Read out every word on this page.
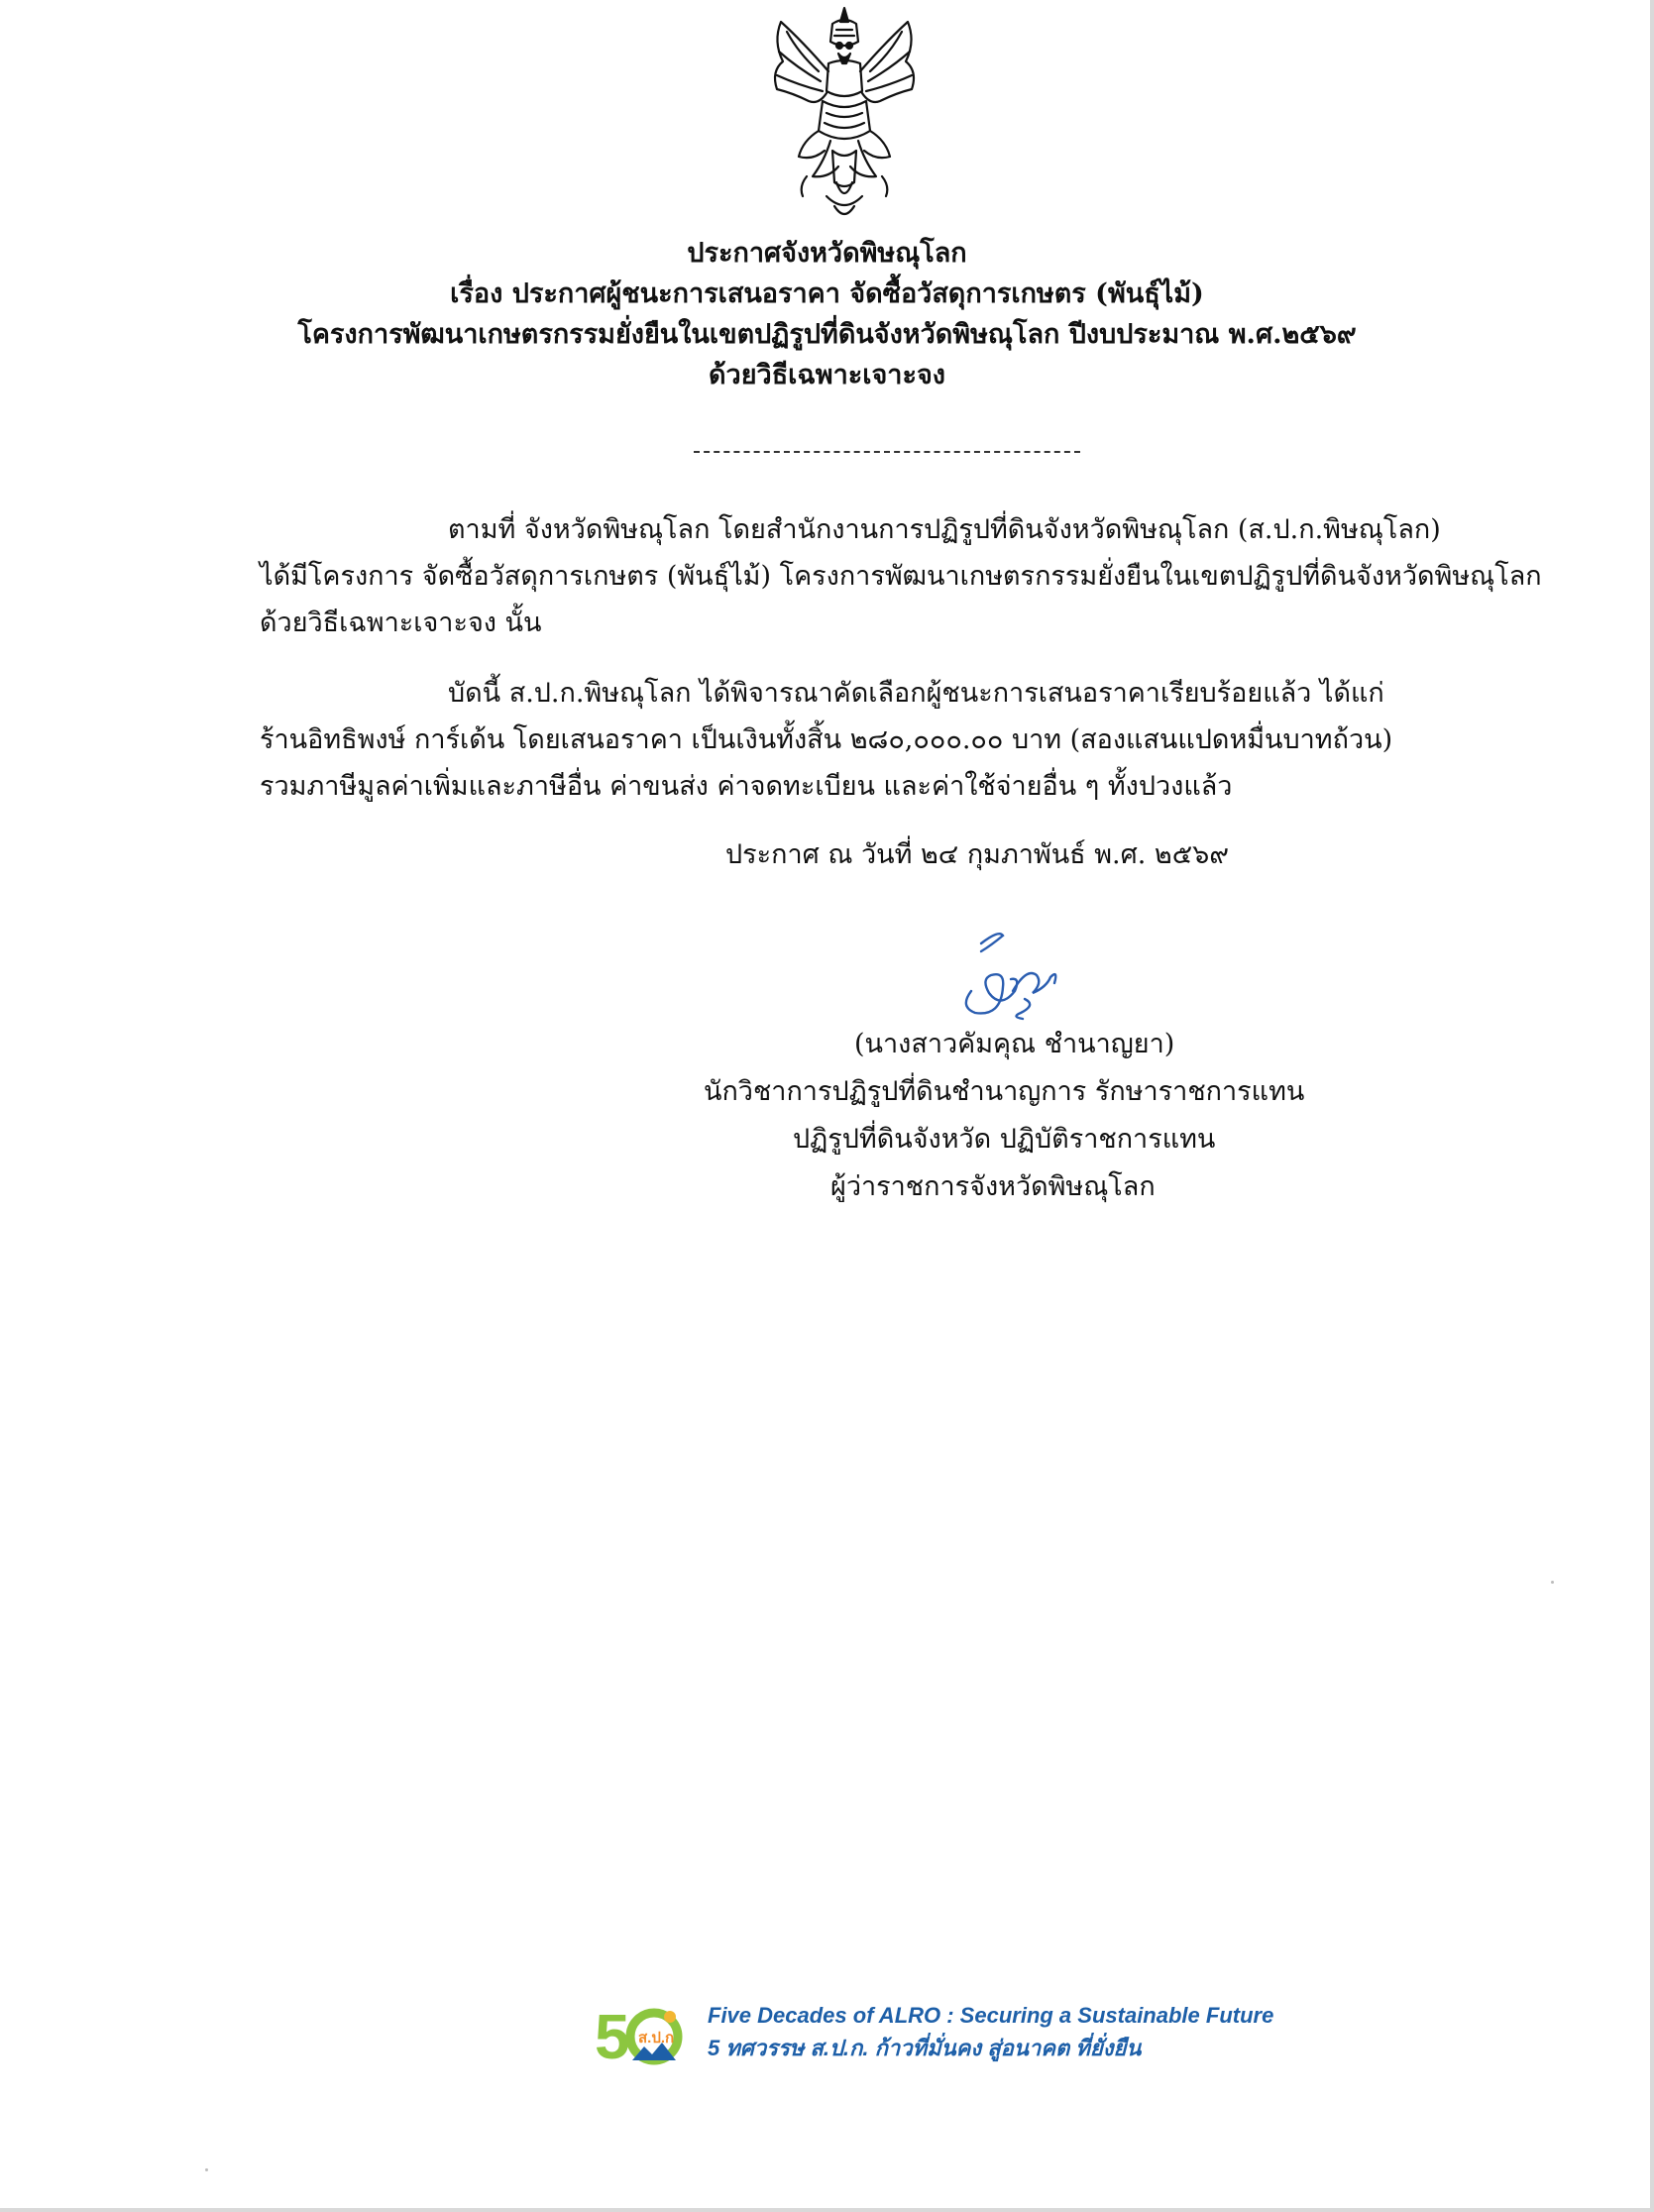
ประกาศจังหวัดพิษณุโลก
เรื่อง ประกาศผู้ชนะการเสนอราคา จัดซื้อวัสดุการเกษตร (พันธุ์ไม้)
โครงการพัฒนาเกษตรกรรมยั่งยืนในเขตปฏิรูปที่ดินจังหวัดพิษณุโลก ปีงบประมาณ พ.ศ.๒๕๖๙
ด้วยวิธีเฉพาะเจาะจง

ตามที่ จังหวัดพิษณุโลก โดยสำนักงานการปฏิรูปที่ดินจังหวัดพิษณุโลก (ส.ป.ก.พิษณุโลก)

ได้มีโครงการ จัดซื้อวัสดุการเกษตร (พันธุ์ไม้) โครงการพัฒนาเกษตรกรรมยั่งยืนในเขตปฏิรูปที่ดินจังหวัดพิษณุโลก

ด้วยวิธีเฉพาะเจาะจง นั้น

บัดนี้ ส.ป.ก.พิษณุโลก ได้พิจารณาคัดเลือกผู้ชนะการเสนอราคาเรียบร้อยแล้ว ได้แก่

ร้านอิทธิพงษ์ การ์เด้น โดยเสนอราคา เป็นเงินทั้งสิ้น ๒๘๐,๐๐๐.๐๐ บาท (สองแสนแปดหมื่นบาทถ้วน)

รวมภาษีมูลค่าเพิ่มและภาษีอื่น ค่าขนส่ง ค่าจดทะเบียน และค่าใช้จ่ายอื่น ๆ ทั้งปวงแล้ว

ประกาศ ณ วันที่ ๒๔ กุมภาพันธ์ พ.ศ. ๒๕๖๙

(นางสาวคัมคุณ ชำนาญยา)

นักวิชาการปฏิรูปที่ดินชำนาญการ รักษาราชการแทน

ปฏิรูปที่ดินจังหวัด ปฏิบัติราชการแทน

ผู้ว่าราชการจังหวัดพิษณุโลก

5 ส.ป.ก
Five Decades of ALRO : Securing a Sustainable Future
5 ทศวรรษ ส.ป.ก. ก้าวที่มั่นคง สู่อนาคต ที่ยั่งยืน
